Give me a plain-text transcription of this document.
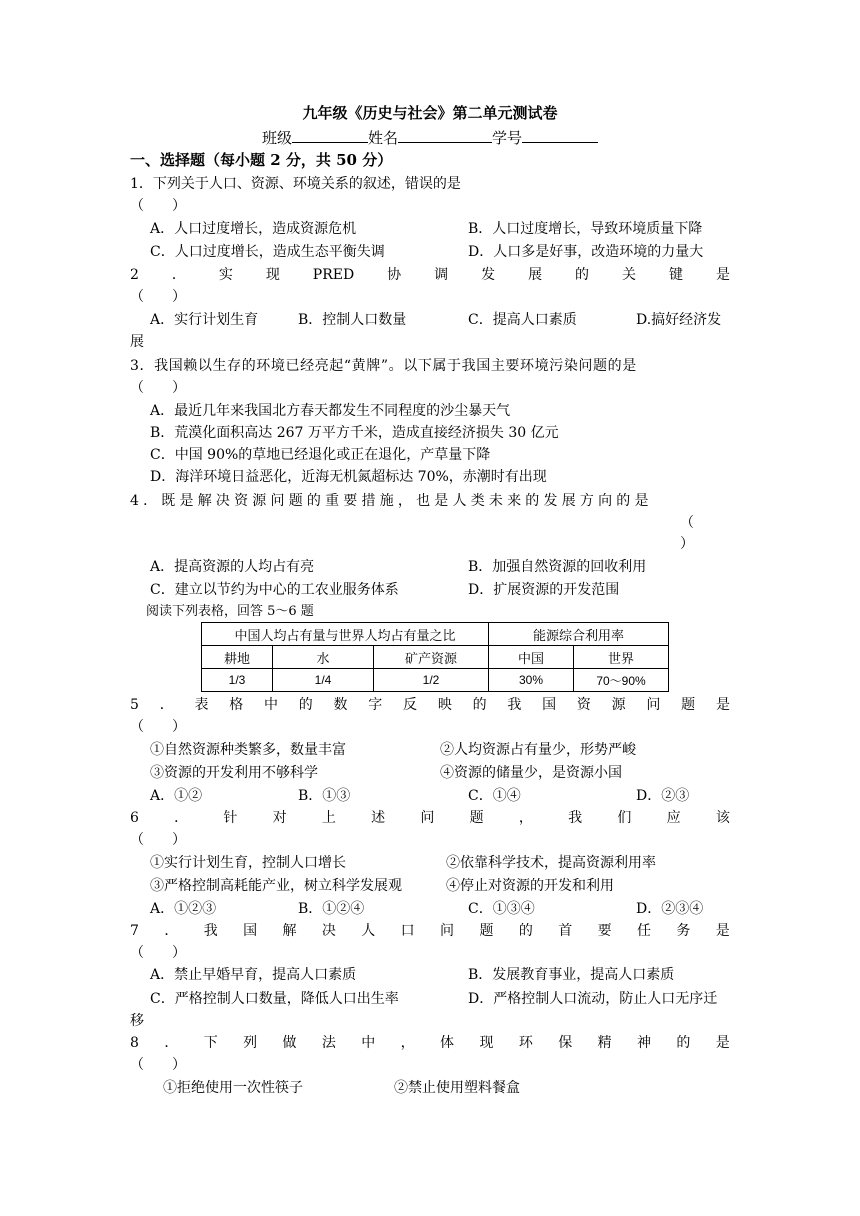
九年级《历史与社会》第二单元测试卷
班级	姓名	学号
一、选择题（每小题 2 分，共 50 分）
1．下列关于人口、资源、环境关系的叙述，错误的是
（　　）
A．人口过度增长，造成资源危机	B．人口过度增长，导致环境质量下降
C．人口过度增长，造成生态平衡失调	D．人口多是好事，改造环境的力量大
2 ． 实 现 PRED 协 调 发 展 的 关 键 是
（　　）
A．实行计划生育	B．控制人口数量	C．提高人口素质	D.搞好经济发
展
3．我国赖以生存的环境已经亮起“黄牌”。以下属于我国主要环境污染问题的是
（　　）
A．最近几年来我国北方春天都发生不同程度的沙尘暴天气
B．荒漠化面积高达 267 万平方千米，造成直接经济损失 30 亿元
C．中国 90%的草地已经退化或正在退化，产草量下降
D．海洋环境日益恶化，近海无机氮超标达 70%，赤潮时有出现
4．既是解决资源问题的重要措施，也是人类未来的发展方向的是
（
）
A．提高资源的人均占有亮	B．加强自然资源的回收利用
C．建立以节约为中心的工农业服务体系	D．扩展资源的开发范围
阅读下列表格，回答 5～6 题
中国人均占有量与世界人均占有量之比			能源综合利用率	
耕地	水	矿产资源	中国	世界
1/3	1/4	1/2	30%	70～90%
5 ． 表 格 中 的 数 字 反 映 的 我 国 资 源 问 题 是
（　　）
①自然资源种类繁多，数量丰富	②人均资源占有量少，形势严峻
③资源的开发利用不够科学	④资源的储量少，是资源小国
A．①②	B．①③	C．①④	D．②③
6	．	针	对	上	述	问	题	，	我	们	应	该
（　　）
①实行计划生育，控制人口增长	②依靠科学技术，提高资源利用率
③严格控制高耗能产业，树立科学发展观	④停止对资源的开发和利用
A．①②③	B．①②④	C．①③④	D．②③④
7 ． 我 国 解 决 人 口 问 题 的 首 要 任 务 是
（　　）
A．禁止早婚早育，提高人口素质	B．发展教育事业，提高人口素质
C．严格控制人口数量，降低人口出生率	D．严格控制人口流动，防止人口无序迁
移
8 ． 下 列 做 法 中 ， 体 现 环 保 精 神 的 是
（　　）
①拒绝使用一次性筷子	②禁止使用塑料餐盒
